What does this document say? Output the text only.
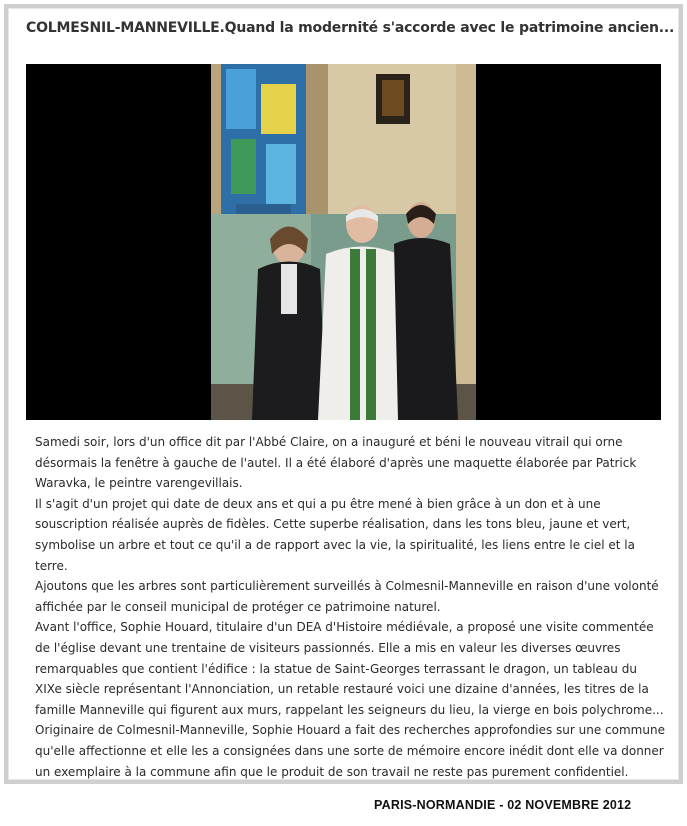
COLMESNIL-MANNEVILLE.Quand la modernité s'accorde avec le patrimoine ancien...

Samedi soir, lors d'un office dit par l'Abbé Claire, on a inauguré et béni le nouveau vitrail qui orne désormais la fenêtre à gauche de l'autel. Il a été élaboré d'après une maquette élaborée par Patrick Waravka, le peintre varengevillais.

Il s'agit d'un projet qui date de deux ans et qui a pu être mené à bien grâce à un don et à une souscription réalisée auprès de fidèles. Cette superbe réalisation, dans les tons bleu, jaune et vert, symbolise un arbre et tout ce qu'il a de rapport avec la vie, la spiritualité, les liens entre le ciel et la terre.

Ajoutons que les arbres sont particulièrement surveillés à Colmesnil-Manneville en raison d'une volonté affichée par le conseil municipal de protéger ce patrimoine naturel.

Avant l'office, Sophie Houard, titulaire d'un DEA d'Histoire médiévale, a proposé une visite commentée de l'église devant une trentaine de visiteurs passionnés. Elle a mis en valeur les diverses œuvres remarquables que contient l'édifice : la statue de Saint-Georges terrassant le dragon, un tableau du XIXe siècle représentant l'Annonciation, un retable restauré voici une dizaine d'années, les titres de la famille Manneville qui figurent aux murs, rappelant les seigneurs du lieu, la vierge en bois polychrome...

Originaire de Colmesnil-Manneville, Sophie Houard a fait des recherches approfondies sur une commune qu'elle affectionne et elle les a consignées dans une sorte de mémoire encore inédit dont elle va donner un exemplaire à la commune afin que le produit de son travail ne reste pas purement confidentiel.

PARIS-NORMANDIE - 02 NOVEMBRE 2012
